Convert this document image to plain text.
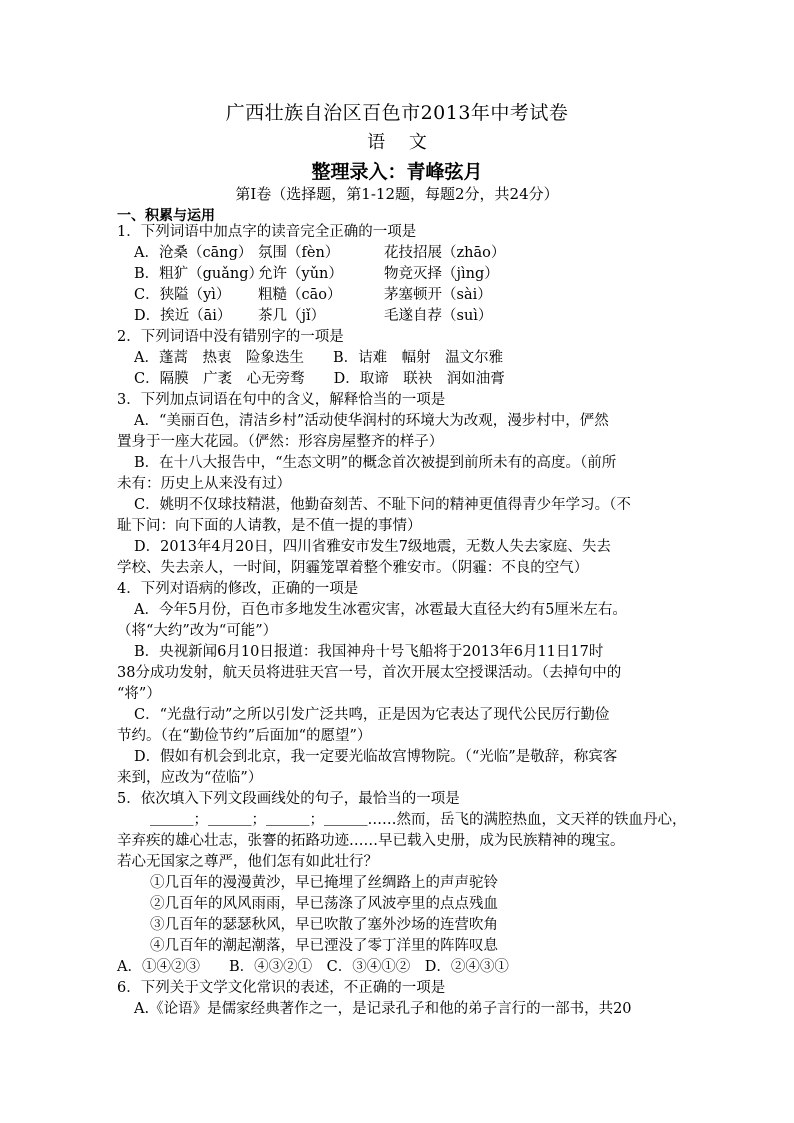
广西壮族自治区百色市2013年中考试卷
语 文
整理录入：青峰弦月
第Ⅰ卷（选择题，第1-12题，每题2分，共24分）
一、积累与运用
1．下列词语中加点字的读音完全正确的一项是
A．沧桑（cāng） 氛围（fèn）	花技招展（zhāo）
B．粗犷（guǎng）允许（yǔn）	物竞灭择（jìng）
C．狭隘（yì） 粗糙（cāo）	茅塞顿开（sài）
D．挨近（āi） 茶几（jǐ）	毛遂自荐（suì）
2．下列词语中没有错别字的一项是
A．蓬蒿　热衷　险象迭生　　B．诘难　幅射　温文尔雅
C．隔膜　广袤　心无旁骛　　D．取谛　联袂　润如油膏
3．下列加点词语在句中的含义，解释恰当的一项是
A．“美丽百色，清洁乡村”活动使华润村的环境大为改观，漫步村中，俨然
置身于一座大花园。（俨然：形容房屋整齐的样子）
B．在十八大报告中，“生态文明”的概念首次被提到前所未有的高度。（前所
未有：历史上从来没有过）
C．姚明不仅球技精湛，他勤奋刻苦、不耻下问的精神更值得青少年学习。（不
耻下问：向下面的人请教，是不值一提的事情）
D．2013年4月20日，四川省雅安市发生7级地震，无数人失去家庭、失去
学校、失去亲人，一时间，阴霾笼罩着整个雅安市。（阴霾：不良的空气）
4．下列对语病的修改，正确的一项是
A．今年5月份，百色市多地发生冰雹灾害，冰雹最大直径大约有5厘米左右。
（将“大约”改为“可能”）
B．央视新闻6月10日报道：我国神舟十号飞船将于2013年6月11日17时
38分成功发射，航天员将进驻天宫一号，首次开展太空授课活动。（去掉句中的
“将”）
C．“光盘行动”之所以引发广泛共鸣，正是因为它表达了现代公民厉行勤俭
节约。（在“勤俭节约”后面加“的愿望”）
D．假如有机会到北京，我一定要光临故宫博物院。（“光临”是敬辞，称宾客
来到，应改为“莅临”）
5．依次填入下列文段画线处的句子，最恰当的一项是
＿＿＿；＿＿＿；＿＿＿；＿＿＿……然而，岳飞的满腔热血，文天祥的铁血丹心，
辛弃疾的雄心壮志，张謇的拓路功迹……早已载入史册，成为民族精神的瑰宝。
若心无国家之尊严，他们怎有如此壮行？
①几百年的漫漫黄沙，早已掩埋了丝绸路上的声声驼铃
②几百年的风风雨雨，早已荡涤了风波亭里的点点残血
③几百年的瑟瑟秋风，早已吹散了塞外沙场的连营吹角
④几百年的潮起潮落，早已湮没了零丁洋里的阵阵叹息
A．①④②③　　B．④③②①　C．③④①②　D．②④③①
6．下列关于文学文化常识的表述，不正确的一项是
A.《论语》是儒家经典著作之一，是记录孔子和他的弟子言行的一部书，共20
